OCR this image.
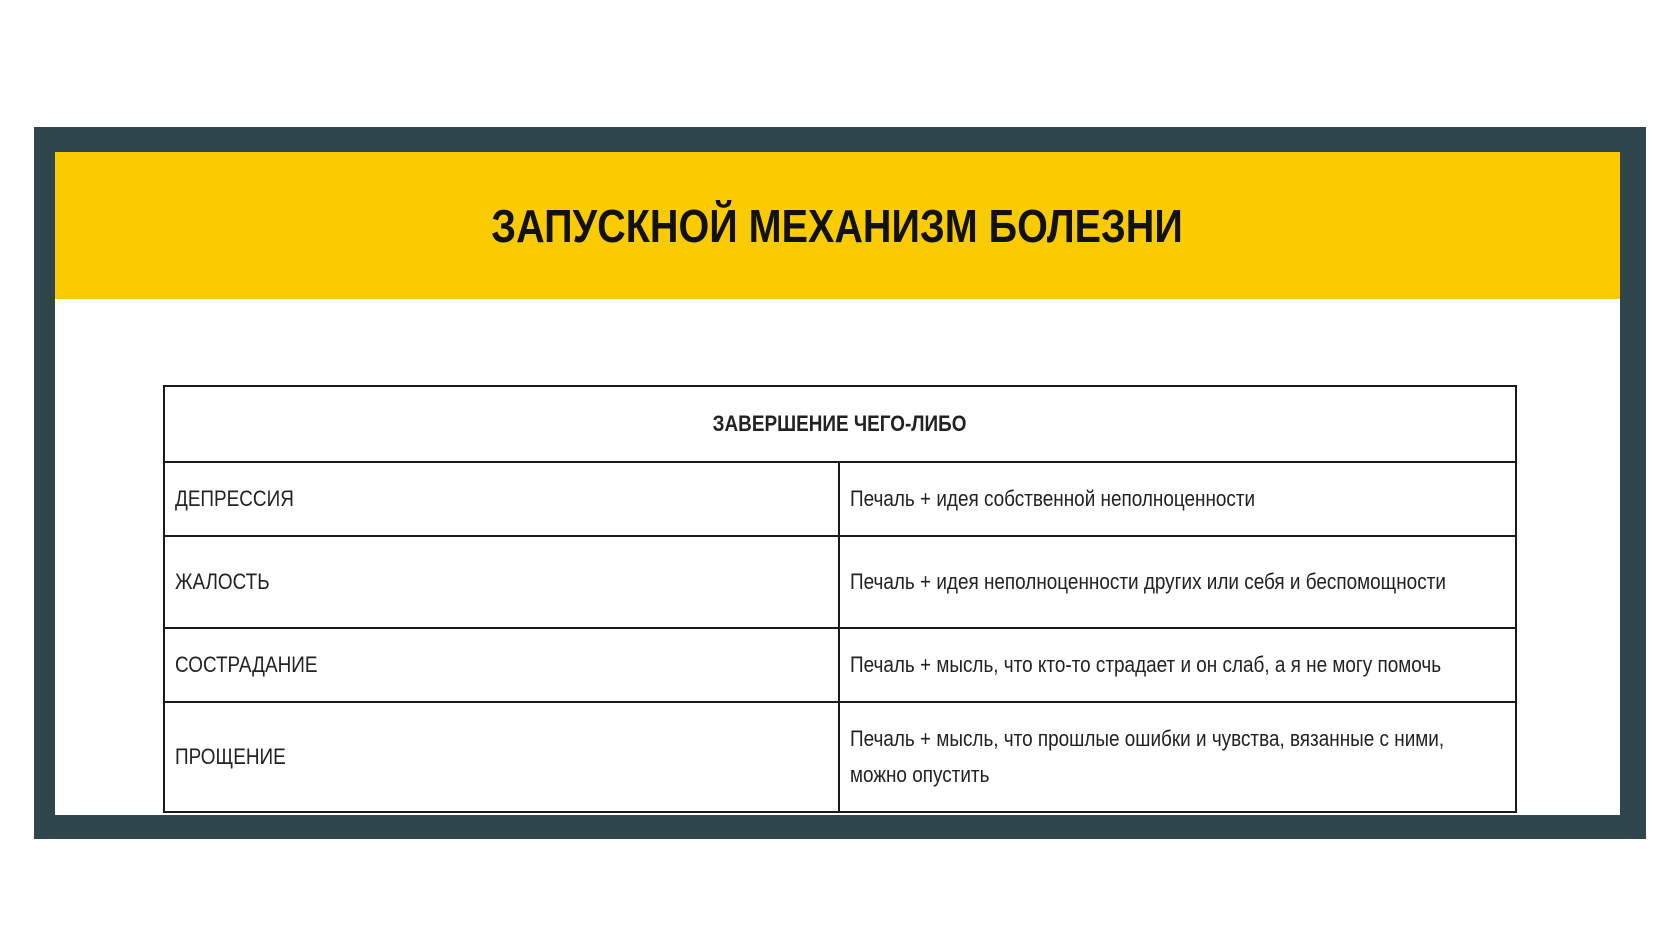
ЗАПУСКНОЙ МЕХАНИЗМ БОЛЕЗНИ
ЗАВЕРШЕНИЕ ЧЕГО-ЛИБО	
ДЕПРЕССИЯ	Печаль + идея собственной неполноценности
ЖАЛОСТЬ	Печаль + идея неполноценности других или себя и беспомощности
СОСТРАДАНИЕ	Печаль + мысль, что кто-то страдает и он слаб, а я не могу помочь
ПРОЩЕНИЕ	Печаль + мысль, что прошлые ошибки и чувства, вязанные с ними, можно опустить
